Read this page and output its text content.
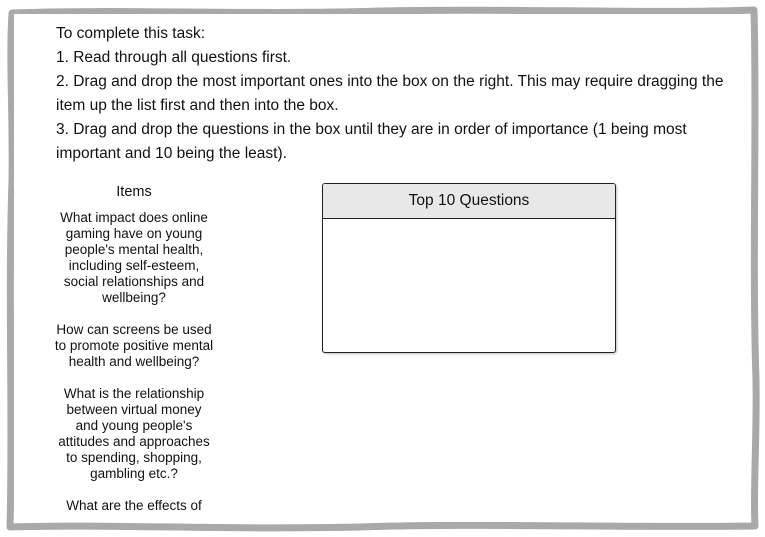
To complete this task:

1. Read through all questions first.

2. Drag and drop the most important ones into the box on the right. This may require dragging the item up the list first and then into the box.

3. Drag and drop the questions in the box until they are in order of importance (1 being most important and 10 being the least).

Items
What impact does online gaming have on young people's mental health, including self-esteem, social relationships and wellbeing?
How can screens be used to promote positive mental health and wellbeing?
What is the relationship between virtual money and young people's attitudes and approaches to spending, shopping, gambling etc.?
What are the effects of
Top 10 Questions
